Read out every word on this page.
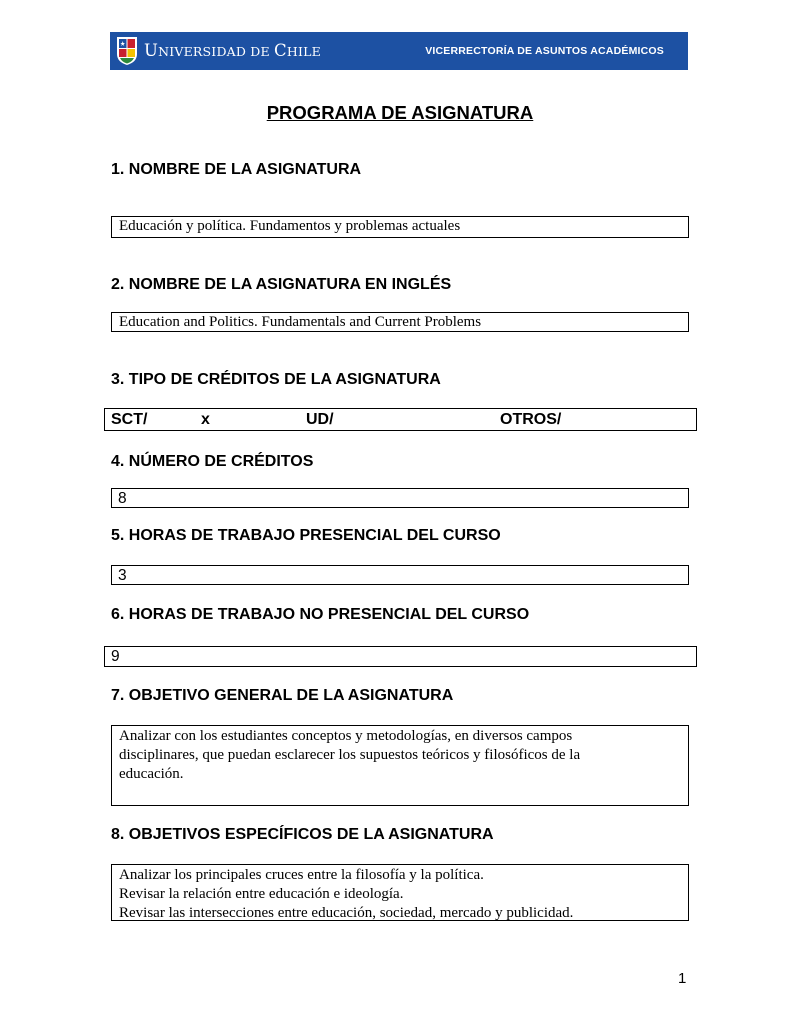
UNIVERSIDAD DE CHILE	VICERRECTORÍA DE ASUNTOS ACADÉMICOS
PROGRAMA DE ASIGNATURA
1. NOMBRE DE LA ASIGNATURA
Educación y política. Fundamentos y problemas actuales
2. NOMBRE DE LA ASIGNATURA EN INGLÉS
Education and Politics. Fundamentals and Current Problems
3. TIPO DE CRÉDITOS DE LA ASIGNATURA
SCT/	x	UD/	OTROS/
4. NÚMERO DE CRÉDITOS
8
5. HORAS DE TRABAJO PRESENCIAL DEL CURSO
3
6. HORAS DE TRABAJO NO PRESENCIAL DEL CURSO
9
7. OBJETIVO GENERAL DE LA ASIGNATURA
Analizar con los estudiantes conceptos y metodologías, en diversos campos
disciplinares, que puedan esclarecer los supuestos teóricos y filosóficos de la
educación.
8. OBJETIVOS ESPECÍFICOS DE LA ASIGNATURA
Analizar los principales cruces entre la filosofía y la política.
Revisar la relación entre educación e ideología.
Revisar las intersecciones entre educación, sociedad, mercado y publicidad.
1
